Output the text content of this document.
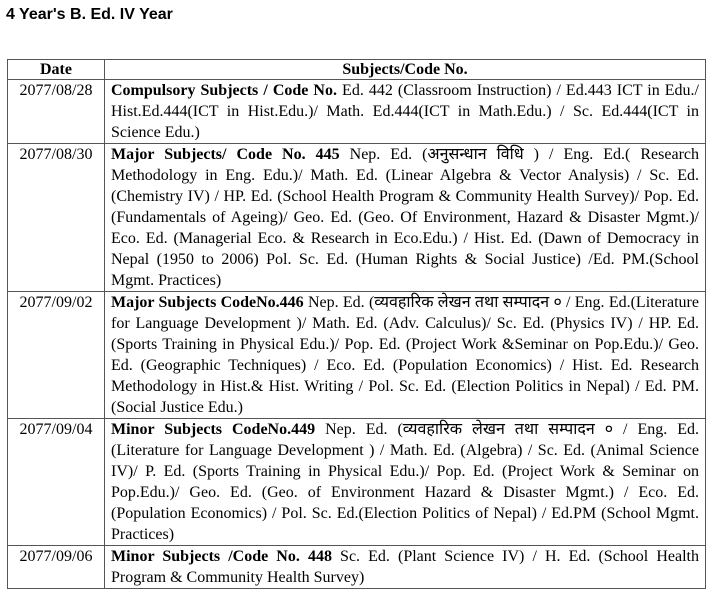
4 Year's B. Ed. IV Year
Date	Subjects/Code No.
2077/08/28	Compulsory Subjects / Code No. Ed. 442 (Classroom Instruction) / Ed.443 ICT in Edu./ Hist.Ed.444(ICT in Hist.Edu.)/ Math. Ed.444(ICT in Math.Edu.) / Sc. Ed.444(ICT in Science Edu.)
2077/08/30	Major Subjects/ Code No. 445 Nep. Ed. (अनुसन्धान विधि ) / Eng. Ed.( Research Methodology in Eng. Edu.)/ Math. Ed. (Linear Algebra & Vector Analysis) / Sc. Ed. (Chemistry IV) / HP. Ed. (School Health Program & Community Health Survey)/ Pop. Ed. (Fundamentals of Ageing)/ Geo. Ed. (Geo. Of Environment, Hazard & Disaster Mgmt.)/ Eco. Ed. (Managerial Eco. & Research in Eco.Edu.) / Hist. Ed. (Dawn of Democracy in Nepal (1950 to 2006) Pol. Sc. Ed. (Human Rights & Social Justice) /Ed. PM.(School Mgmt. Practices)
2077/09/02	Major Subjects CodeNo.446 Nep. Ed. (व्यवहारिक लेखन तथा सम्पादन ० / Eng. Ed.(Literature for Language Development )/ Math. Ed. (Adv. Calculus)/ Sc. Ed. (Physics IV) / HP. Ed. (Sports Training in Physical Edu.)/ Pop. Ed. (Project Work &Seminar on Pop.Edu.)/ Geo. Ed. (Geographic Techniques) / Eco. Ed. (Population Economics) / Hist. Ed. Research Methodology in Hist.& Hist. Writing / Pol. Sc. Ed. (Election Politics in Nepal) / Ed. PM. (Social Justice Edu.)
2077/09/04	Minor Subjects CodeNo.449 Nep. Ed. (व्यवहारिक लेखन तथा सम्पादन ० / Eng. Ed. (Literature for Language Development ) / Math. Ed. (Algebra) / Sc. Ed. (Animal Science IV)/ P. Ed. (Sports Training in Physical Edu.)/ Pop. Ed. (Project Work & Seminar on Pop.Edu.)/ Geo. Ed. (Geo. of Environment Hazard & Disaster Mgmt.) / Eco. Ed. (Population Economics) / Pol. Sc. Ed.(Election Politics of Nepal) / Ed.PM (School Mgmt. Practices)
2077/09/06	Minor Subjects /Code No. 448 Sc. Ed. (Plant Science IV) / H. Ed. (School Health Program & Community Health Survey)
